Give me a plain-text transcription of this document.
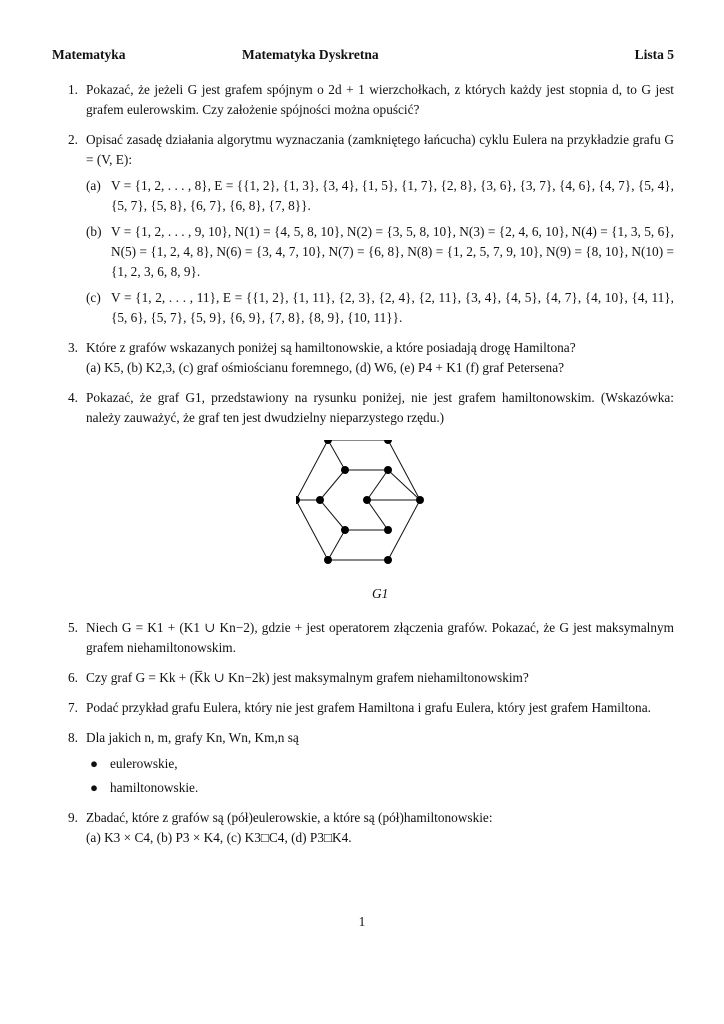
Matematyka	Matematyka Dyskretna	Lista 5
1. Pokazać, że jeżeli G jest grafem spójnym o 2d + 1 wierzchołkach, z których każdy jest stopnia d, to G jest grafem eulerowskim. Czy założenie spójności można opuścić?
2. Opisać zasadę działania algorytmu wyznaczania (zamkniętego łańcucha) cyklu Eulera na przykładzie grafu G = (V, E):
(a) V = {1, 2, . . . , 8}, E = {{1, 2}, {1, 3}, {3, 4}, {1, 5}, {1, 7}, {2, 8}, {3, 6}, {3, 7}, {4, 6}, {4, 7}, {5, 4}, {5, 7}, {5, 8}, {6, 7}, {6, 8}, {7, 8}}.
(b) V = {1, 2, . . . , 9, 10}, N(1) = {4, 5, 8, 10}, N(2) = {3, 5, 8, 10}, N(3) = {2, 4, 6, 10}, N(4) = {1, 3, 5, 6}, N(5) = {1, 2, 4, 8}, N(6) = {3, 4, 7, 10}, N(7) = {6, 8}, N(8) = {1, 2, 5, 7, 9, 10}, N(9) = {8, 10}, N(10) = {1, 2, 3, 6, 8, 9}.
(c) V = {1, 2, . . . , 11}, E = {{1, 2}, {1, 11}, {2, 3}, {2, 4}, {2, 11}, {3, 4}, {4, 5}, {4, 7}, {4, 10}, {4, 11}, {5, 6}, {5, 7}, {5, 9}, {6, 9}, {7, 8}, {8, 9}, {10, 11}}.
3. Które z grafów wskazanych poniżej są hamiltonowskie, a które posiadają drogę Hamiltona?
(a) K5, (b) K2,3, (c) graf ośmiościanu foremnego, (d) W6, (e) P4 + K1 (f) graf Petersena?
4. Pokazać, że graf G1, przedstawiony na rysunku poniżej, nie jest grafem hamiltonowskim. (Wskazówka: należy zauważyć, że graf ten jest dwudzielny nieparzystego rzędu.)
G1
5. Niech G = K1 + (K1 ∪ Kn−2), gdzie + jest operatorem złączenia grafów. Pokazać, że G jest maksymalnym grafem niehamiltonowskim.
6. Czy graf G = Kk + (K̅k ∪ Kn−2k) jest maksymalnym grafem niehamiltonowskim?
7. Podać przykład grafu Eulera, który nie jest grafem Hamiltona i grafu Eulera, który jest grafem Hamiltona.
8. Dla jakich n, m, grafy Kn, Wn, Km,n są
● eulerowskie,
● hamiltonowskie.
9. Zbadać, które z grafów są (pół)eulerowskie, a które są (pół)hamiltonowskie:
(a) K3 × C4, (b) P3 × K4, (c) K3□C4, (d) P3□K4.
1
